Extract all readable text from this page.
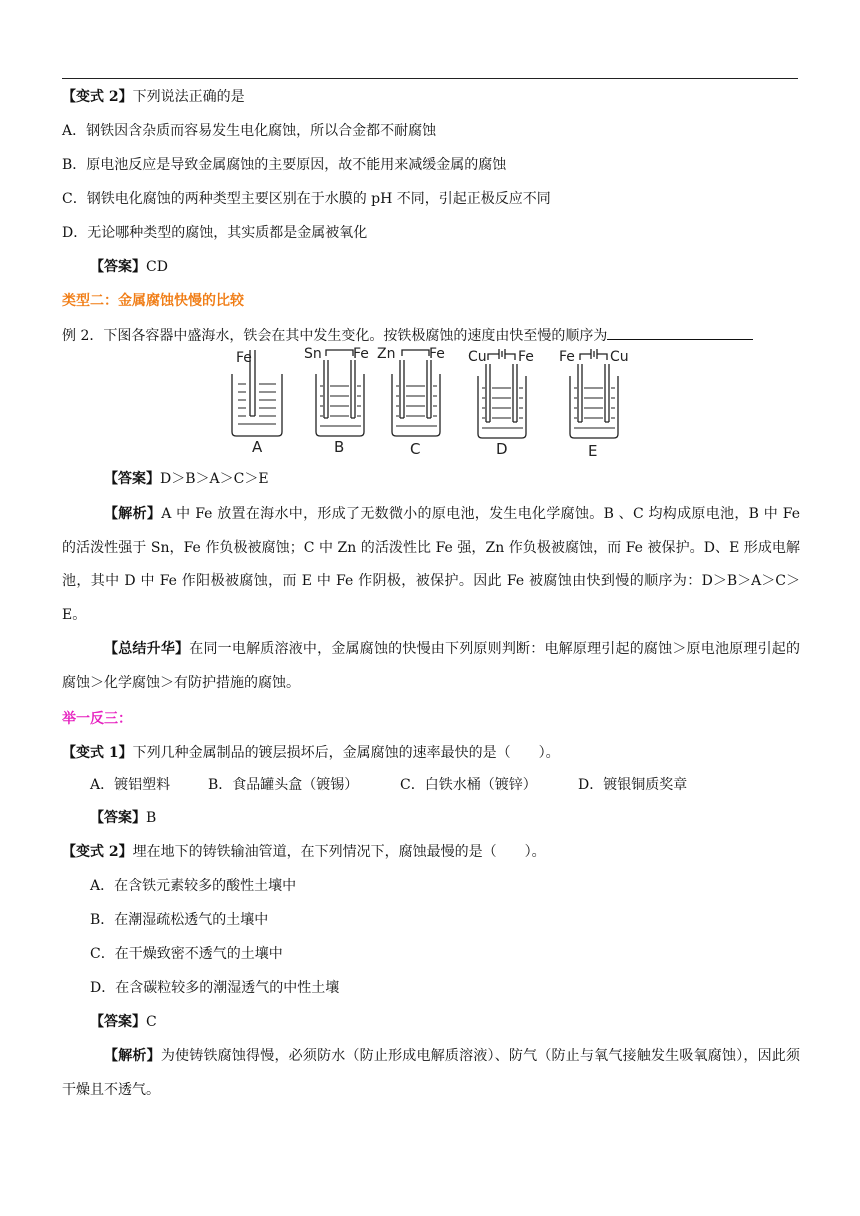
【变式 2】下列说法正确的是
A．钢铁因含杂质而容易发生电化腐蚀，所以合金都不耐腐蚀
B．原电池反应是导致金属腐蚀的主要原因，故不能用来减缓金属的腐蚀
C．钢铁电化腐蚀的两种类型主要区别在于水膜的 pH 不同，引起正极反应不同
D．无论哪种类型的腐蚀，其实质都是金属被氧化
【答案】CD
类型二：金属腐蚀快慢的比较
例 2．下图各容器中盛海水，铁会在其中发生变化。按铁极腐蚀的速度由快至慢的顺序为
Fe	Sn Fe Zn Fe Cu Fe Fe	Cu
A	B	C	D	E
【答案】D＞B＞A＞C＞E
【解析】A 中 Fe 放置在海水中，形成了无数微小的原电池，发生电化学腐蚀。B 、C 均构成原电池，B 中 Fe 的活泼性强于 Sn，Fe 作负极被腐蚀；C 中 Zn 的活泼性比 Fe 强，Zn 作负极被腐蚀，而 Fe 被保护。D、E 形成电解池，其中 D 中 Fe 作阳极被腐蚀，而 E 中 Fe 作阴极，被保护。因此 Fe 被腐蚀由快到慢的顺序为：D＞B＞A＞C＞E。
【总结升华】在同一电解质溶液中，金属腐蚀的快慢由下列原则判断：电解原理引起的腐蚀＞原电池原理引起的腐蚀＞化学腐蚀＞有防护措施的腐蚀。
举一反三：
【变式 1】下列几种金属制品的镀层损坏后，金属腐蚀的速率最快的是（　　）。
A．镀铝塑料	B．食品罐头盒（镀锡）	C．白铁水桶（镀锌）	D．镀银铜质奖章
【答案】B
【变式 2】埋在地下的铸铁输油管道，在下列情况下，腐蚀最慢的是（　　）。
A．在含铁元素较多的酸性土壤中
B．在潮湿疏松透气的土壤中
C．在干燥致密不透气的土壤中
D．在含碳粒较多的潮湿透气的中性土壤
【答案】C
【解析】为使铸铁腐蚀得慢，必须防水（防止形成电解质溶液）、防气（防止与氧气接触发生吸氧腐蚀），因此须干燥且不透气。
